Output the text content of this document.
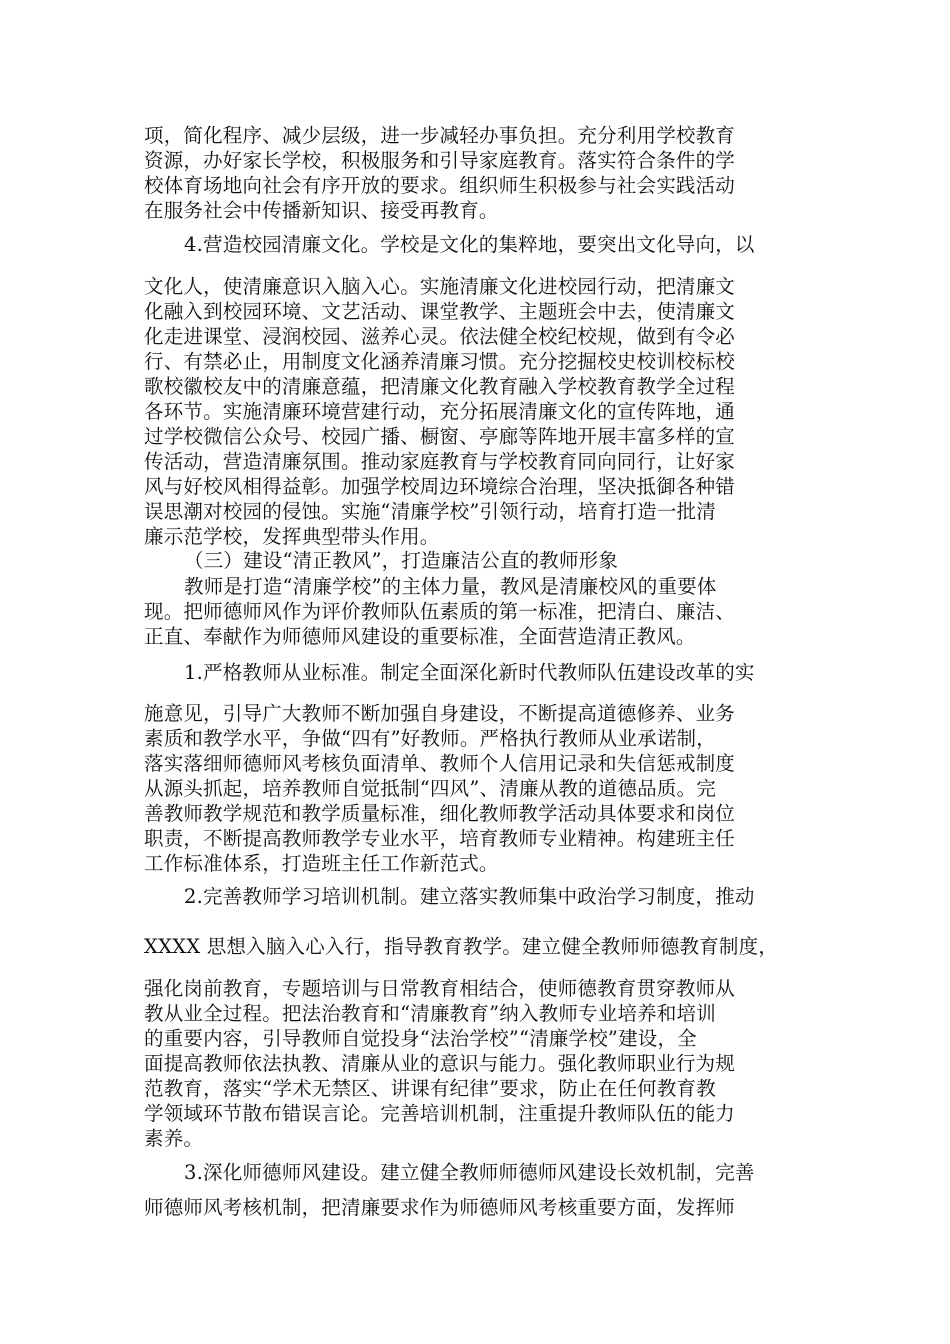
项，简化程序、减少层级，进一步减轻办事负担。充分利用学校教育

资源，办好家长学校，积极服务和引导家庭教育。落实符合条件的学

校体育场地向社会有序开放的要求。组织师生积极参与社会实践活动

在服务社会中传播新知识、接受再教育。

4.营造校园清廉文化。学校是文化的集粹地，要突出文化导向，以

文化人，使清廉意识入脑入心。实施清廉文化进校园行动，把清廉文

化融入到校园环境、文艺活动、课堂教学、主题班会中去，使清廉文

化走进课堂、浸润校园、滋养心灵。依法健全校纪校规，做到有令必

行、有禁必止，用制度文化涵养清廉习惯。充分挖掘校史校训校标校

歌校徽校友中的清廉意蕴，把清廉文化教育融入学校教育教学全过程

各环节。实施清廉环境营建行动，充分拓展清廉文化的宣传阵地，通

过学校微信公众号、校园广播、橱窗、亭廊等阵地开展丰富多样的宣

传活动，营造清廉氛围。推动家庭教育与学校教育同向同行，让好家

风与好校风相得益彰。加强学校周边环境综合治理，坚决抵御各种错

误思潮对校园的侵蚀。实施“清廉学校”引领行动，培育打造一批清

廉示范学校，发挥典型带头作用。

（三）建设“清正教风”，打造廉洁公直的教师形象

教师是打造“清廉学校”的主体力量，教风是清廉校风的重要体

现。把师德师风作为评价教师队伍素质的第一标准，把清白、廉洁、

正直、奉献作为师德师风建设的重要标准，全面营造清正教风。

1.严格教师从业标准。制定全面深化新时代教师队伍建设改革的实

施意见，引导广大教师不断加强自身建设，不断提高道德修养、业务

素质和教学水平，争做“四有”好教师。严格执行教师从业承诺制，

落实落细师德师风考核负面清单、教师个人信用记录和失信惩戒制度

从源头抓起，培养教师自觉抵制“四风”、清廉从教的道德品质。完

善教师教学规范和教学质量标准，细化教师教学活动具体要求和岗位

职责，不断提高教师教学专业水平，培育教师专业精神。构建班主任

工作标准体系，打造班主任工作新范式。

2.完善教师学习培训机制。建立落实教师集中政治学习制度，推动

XXXX 思想入脑入心入行，指导教育教学。建立健全教师师德教育制度，

强化岗前教育，专题培训与日常教育相结合，使师德教育贯穿教师从

教从业全过程。把法治教育和“清廉教育”纳入教师专业培养和培训

的重要内容，引导教师自觉投身“法治学校”“清廉学校”建设，全

面提高教师依法执教、清廉从业的意识与能力。强化教师职业行为规

范教育，落实“学术无禁区、讲课有纪律”要求，防止在任何教育教

学领域环节散布错误言论。完善培训机制，注重提升教师队伍的能力

素养。

3.深化师德师风建设。建立健全教师师德师风建设长效机制，完善

师德师风考核机制，把清廉要求作为师德师风考核重要方面，发挥师
